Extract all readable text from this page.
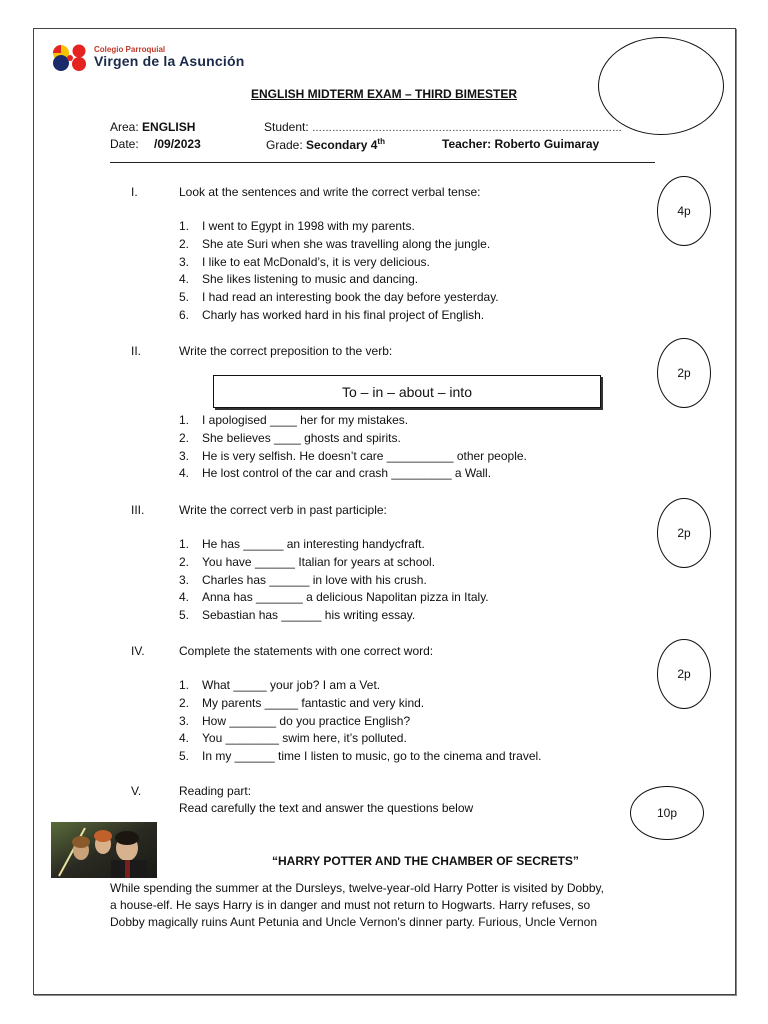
Colegio Parroquial
Virgen de la Asunción
ENGLISH MIDTERM EXAM – THIRD BIMESTER
Area: ENGLISH	Student: …………………………………………………………………………………
Date: /09/2023	Grade: Secondary 4th	Teacher: Roberto Guimaray
I.	Look at the sentences and write the correct verbal tense:
4p
1. I went to Egypt in 1998 with my parents.
2. She ate Suri when she was travelling along the jungle.
3. I like to eat McDonald’s, it is very delicious.
4. She likes listening to music and dancing.
5. I had read an interesting book the day before yesterday.
6. Charly has worked hard in his final project of English.
II.	Write the correct preposition to the verb:
2p
To – in – about – into
1. I apologised ____ her for my mistakes.
2. She believes ____ ghosts and spirits.
3. He is very selfish. He doesn’t care __________ other people.
4. He lost control of the car and crash _________ a Wall.
III.	Write the correct verb in past participle:
2p
1. He has ______ an interesting handycfraft.
2. You have ______ Italian for years at school.
3. Charles has ______ in love with his crush.
4. Anna has _______ a delicious Napolitan pizza in Italy.
5. Sebastian has ______ his writing essay.
IV.	Complete the statements with one correct word:
2p
1. What _____ your job? I am a Vet.
2. My parents _____ fantastic and very kind.
3. How _______ do you practice English?
4. You ________ swim here, it’s polluted.
5. In my ______ time I listen to music, go to the cinema and travel.
V.	Reading part:
Read carefully the text and answer the questions below	10p
“HARRY POTTER AND THE CHAMBER OF SECRETS”
While spending the summer at the Dursleys, twelve-year-old Harry Potter is visited by Dobby,
a house-elf. He says Harry is in danger and must not return to Hogwarts. Harry refuses, so
Dobby magically ruins Aunt Petunia and Uncle Vernon's dinner party. Furious, Uncle Vernon
